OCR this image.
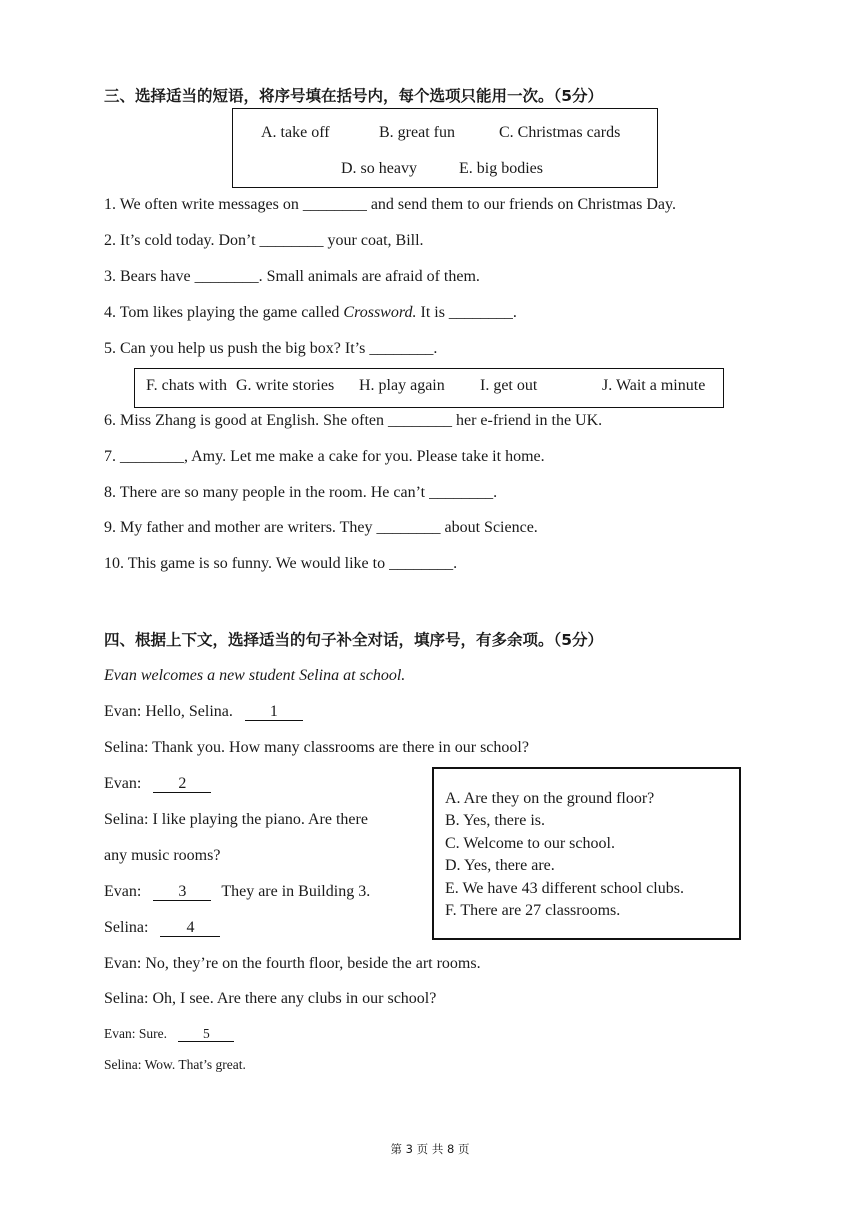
三、选择适当的短语，将序号填在括号内，每个选项只能用一次。（5分）
A. take off	B. great fun	C. Christmas cards
D. so heavy	E. big bodies
1. We often write messages on ________ and send them to our friends on Christmas Day.
2. It’s cold today. Don’t ________ your coat, Bill.
3. Bears have ________. Small animals are afraid of them.
4. Tom likes playing the game called Crossword. It is ________.
5. Can you help us push the big box? It’s ________.
F. chats with G. write stories H. play again I. get out	J. Wait a minute
6. Miss Zhang is good at English. She often ________ her e-friend in the UK.
7. ________, Amy. Let me make a cake for you. Please take it home.
8. There are so many people in the room. He can’t ________.
9. My father and mother are writers. They ________ about Science.
10. This game is so funny. We would like to ________.
四、根据上下文，选择适当的句子补全对话，填序号，有多余项。（5分）
Evan welcomes a new student Selina at school.
Evan: Hello, Selina. 1
Selina: Thank you. How many classrooms are there in our school?
Evan: 2
Selina: I like playing the piano. Are there
any music rooms?
Evan: 3 They are in Building 3.
Selina: 4
Evan: No, they’re on the fourth floor, beside the art rooms.
Selina: Oh, I see. Are there any clubs in our school?
Evan: Sure.	5
Selina: Wow. That’s great.
A. Are they on the ground floor?
B. Yes, there is.
C. Welcome to our school.
D. Yes, there are.
E. We have 43 different school clubs.
F. There are 27 classrooms.
第 3 页 共 8 页
